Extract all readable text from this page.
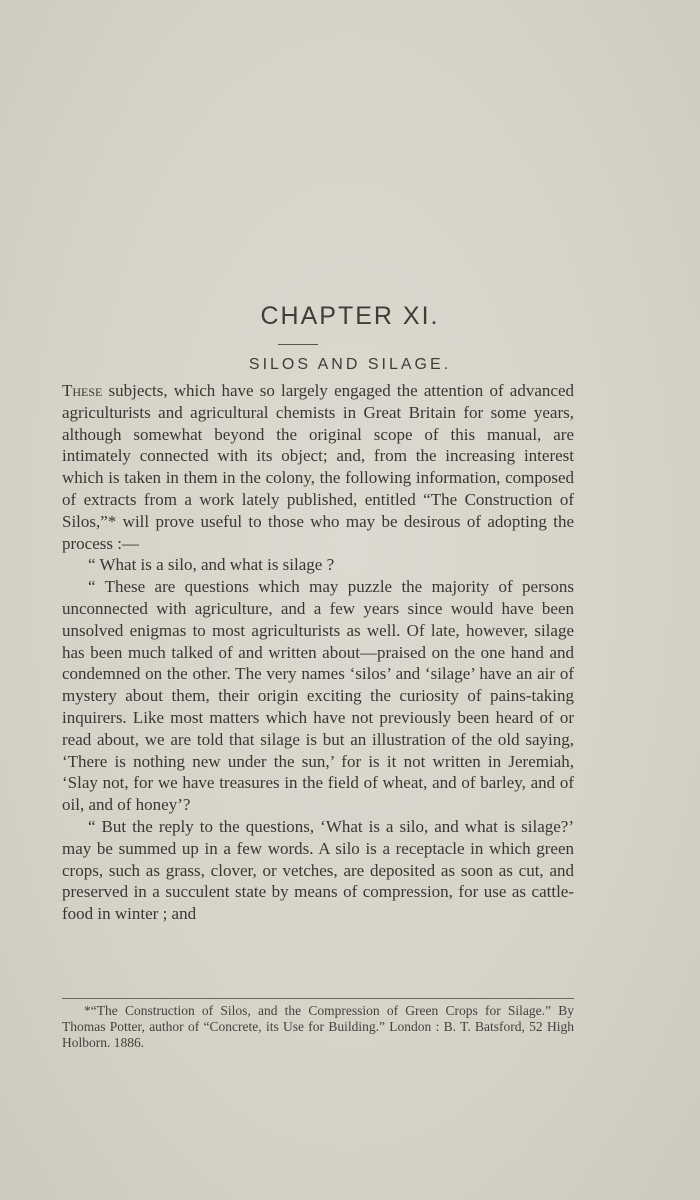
CHAPTER XI.
SILOS AND SILAGE.

These subjects, which have so largely engaged the attention of advanced agriculturists and agricultural chemists in Great Britain for some years, although somewhat beyond the original scope of this manual, are intimately connected with its object; and, from the increasing interest which is taken in them in the colony, the following information, composed of extracts from a work lately published, entitled “The Construction of Silos,”* will prove useful to those who may be desirous of adopting the process :—

“ What is a silo, and what is silage ?

“ These are questions which may puzzle the majority of persons unconnected with agriculture, and a few years since would have been unsolved enigmas to most agriculturists as well. Of late, however, silage has been much talked of and written about—praised on the one hand and condemned on the other. The very names ‘silos’ and ‘silage’ have an air of mystery about them, their origin exciting the curiosity of pains-taking inquirers. Like most matters which have not previously been heard of or read about, we are told that silage is but an illustration of the old saying, ‘There is nothing new under the sun,’ for is it not written in Jeremiah, ‘Slay not, for we have treasures in the field of wheat, and of barley, and of oil, and of honey’?

“ But the reply to the questions, ‘What is a silo, and what is silage?’ may be summed up in a few words. A silo is a receptacle in which green crops, such as grass, clover, or vetches, are deposited as soon as cut, and preserved in a succulent state by means of compression, for use as cattle-food in winter ; and

*“The Construction of Silos, and the Compression of Green Crops for Silage.” By Thomas Potter, author of “Concrete, its Use for Building.” London : B. T. Batsford, 52 High Holborn. 1886.
